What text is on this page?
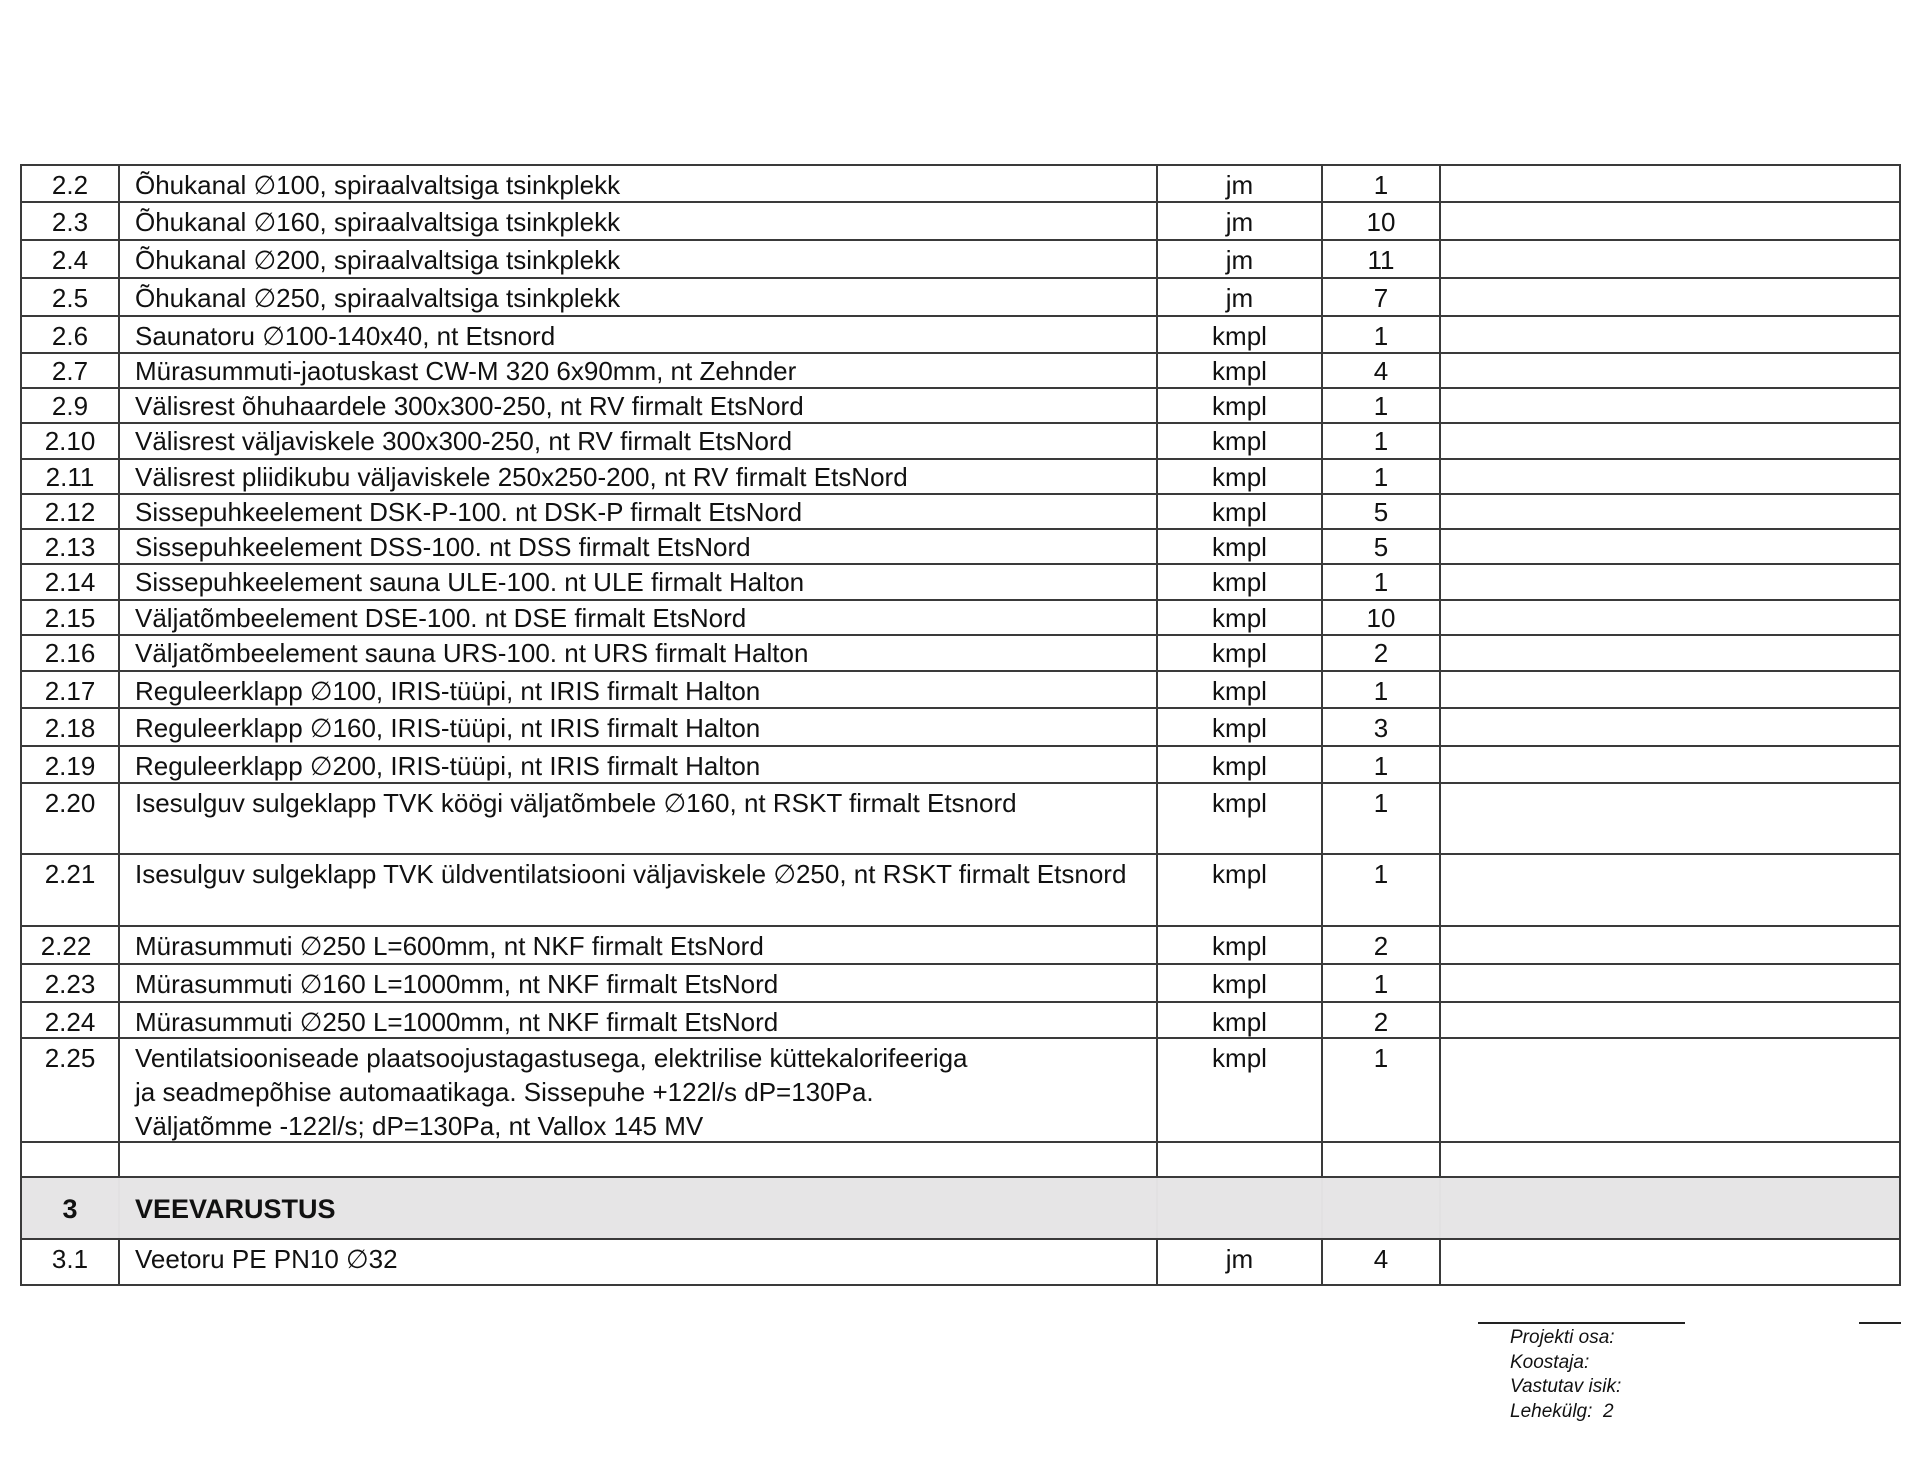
2.2	Õhukanal ∅100, spiraalvaltsiga tsinkplekk	jm	1
2.3	Õhukanal ∅160, spiraalvaltsiga tsinkplekk	jm	10
2.4	Õhukanal ∅200, spiraalvaltsiga tsinkplekk	jm	11
2.5	Õhukanal ∅250, spiraalvaltsiga tsinkplekk	jm	7
2.6	Saunatoru ∅100-140x40, nt Etsnord	kmpl	1
2.7	Mürasummuti-jaotuskast CW-M 320 6x90mm, nt Zehnder	kmpl	4
2.9	Välisrest õhuhaardele 300x300-250, nt RV firmalt EtsNord	kmpl	1
2.10	Välisrest väljaviskele 300x300-250, nt RV firmalt EtsNord	kmpl	1
2.11	Välisrest pliidikubu väljaviskele 250x250-200, nt RV firmalt EtsNord	kmpl	1
2.12	Sissepuhkeelement DSK-P-100. nt DSK-P firmalt EtsNord	kmpl	5
2.13	Sissepuhkeelement DSS-100. nt DSS firmalt EtsNord	kmpl	5
2.14	Sissepuhkeelement sauna ULE-100. nt ULE firmalt Halton	kmpl	1
2.15	Väljatõmbeelement DSE-100. nt DSE firmalt EtsNord	kmpl	10
2.16	Väljatõmbeelement sauna URS-100. nt URS firmalt Halton	kmpl	2
2.17	Reguleerklapp ∅100, IRIS-tüüpi, nt IRIS firmalt Halton	kmpl	1
2.18	Reguleerklapp ∅160, IRIS-tüüpi, nt IRIS firmalt Halton	kmpl	3
2.19	Reguleerklapp ∅200, IRIS-tüüpi, nt IRIS firmalt Halton	kmpl	1
2.20	Isesulguv sulgeklapp TVK köögi väljatõmbele ∅160, nt RSKT firmalt Etsnord	kmpl	1
2.21	Isesulguv sulgeklapp TVK üldventilatsiooni väljaviskele ∅250, nt RSKT firmalt Etsnord	kmpl	1
2.22	Mürasummuti ∅250 L=600mm, nt NKF firmalt EtsNord	kmpl	2
2.23	Mürasummuti ∅160 L=1000mm, nt NKF firmalt EtsNord	kmpl	1
2.24	Mürasummuti ∅250 L=1000mm, nt NKF firmalt EtsNord	kmpl	2
2.25	Ventilatsiooniseade plaatsoojustagastusega, elektrilise küttekalorifeeriga
ja seadmepõhise automaatikaga. Sissepuhe +122l/s dP=130Pa.
Väljatõmme -122l/s; dP=130Pa, nt Vallox 145 MV
kmpl	1
3	VEEVARUSTUS
3.1	Veetoru PE PN10 ∅32	jm	4
Projekti osa:
Koostaja:
Vastutav isik:
Lehekülg:  2
